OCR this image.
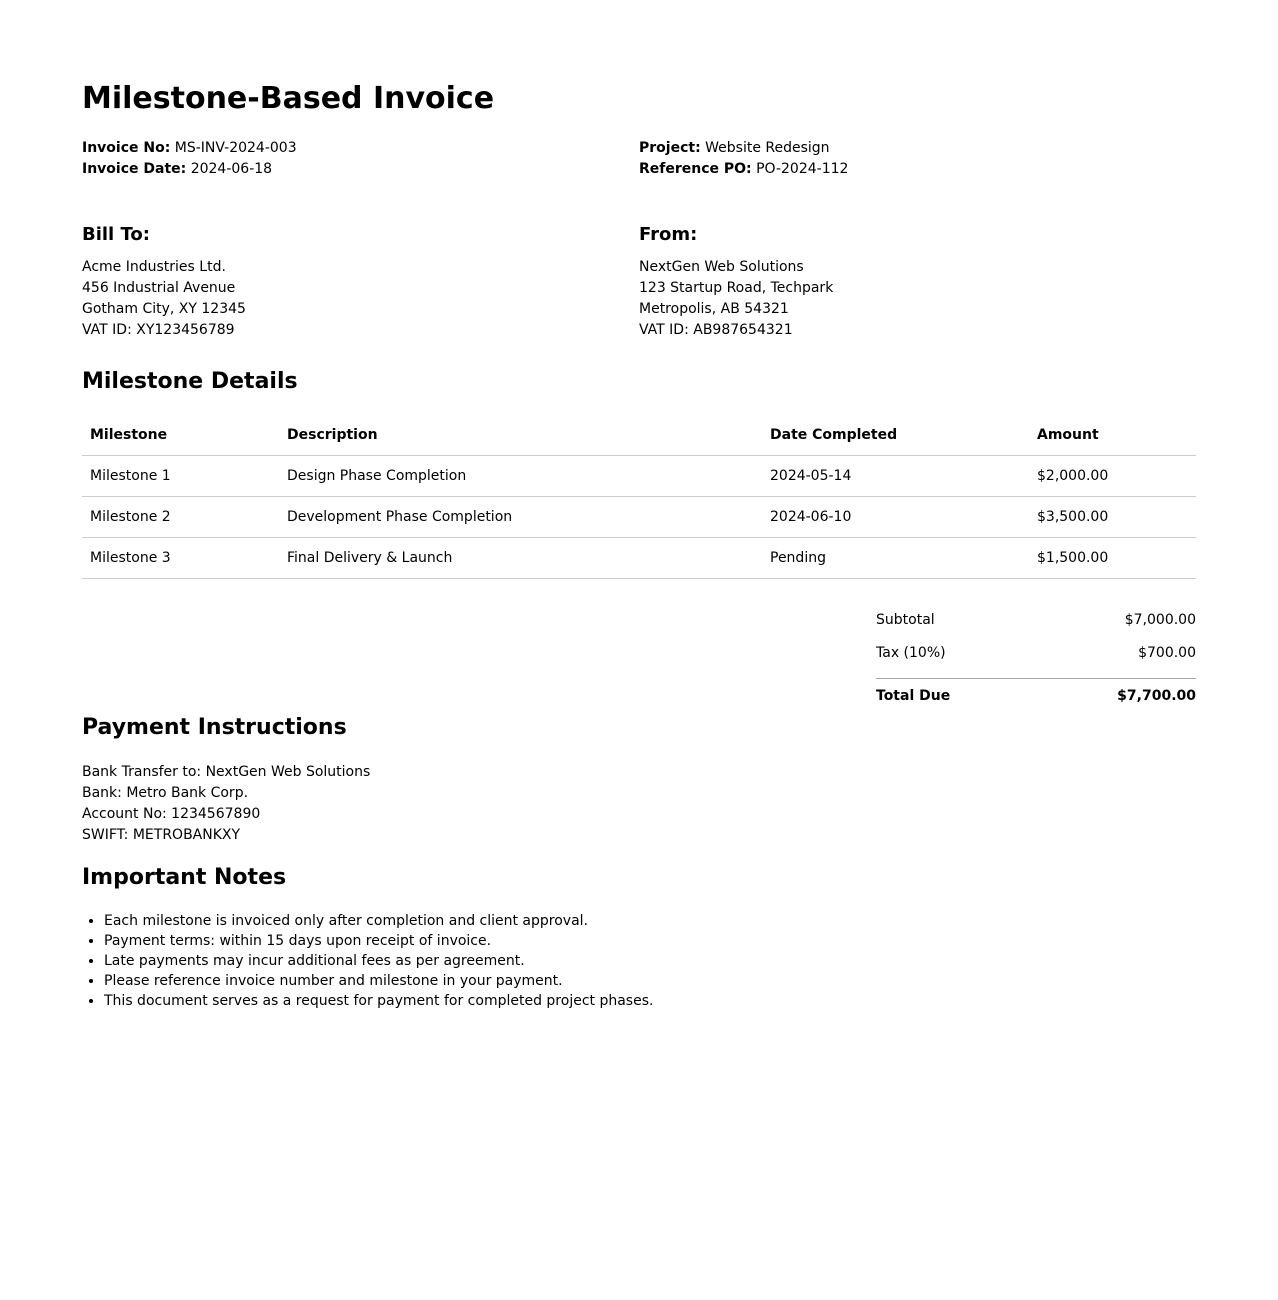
Milestone-Based Invoice
Invoice No: MS-INV-2024-003
Invoice Date: 2024-06-18
Project: Website Redesign
Reference PO: PO-2024-112
Bill To:
Acme Industries Ltd.
456 Industrial Avenue
Gotham City, XY 12345
VAT ID: XY123456789
From:
NextGen Web Solutions
123 Startup Road, Techpark
Metropolis, AB 54321
VAT ID: AB987654321
Milestone Details
Milestone	Description	Date Completed	Amount
Milestone 1	Design Phase Completion	2024-05-14	$2,000.00
Milestone 2	Development Phase Completion	2024-06-10	$3,500.00
Milestone 3	Final Delivery & Launch	Pending	$1,500.00
Subtotal	$7,000.00
Tax (10%)	$700.00
Total Due	$7,700.00
Payment Instructions
Bank Transfer to: NextGen Web Solutions
Bank: Metro Bank Corp.
Account No: 1234567890
SWIFT: METROBANKXY
Important Notes
• Each milestone is invoiced only after completion and client approval.
• Payment terms: within 15 days upon receipt of invoice.
• Late payments may incur additional fees as per agreement.
• Please reference invoice number and milestone in your payment.
• This document serves as a request for payment for completed project phases.
